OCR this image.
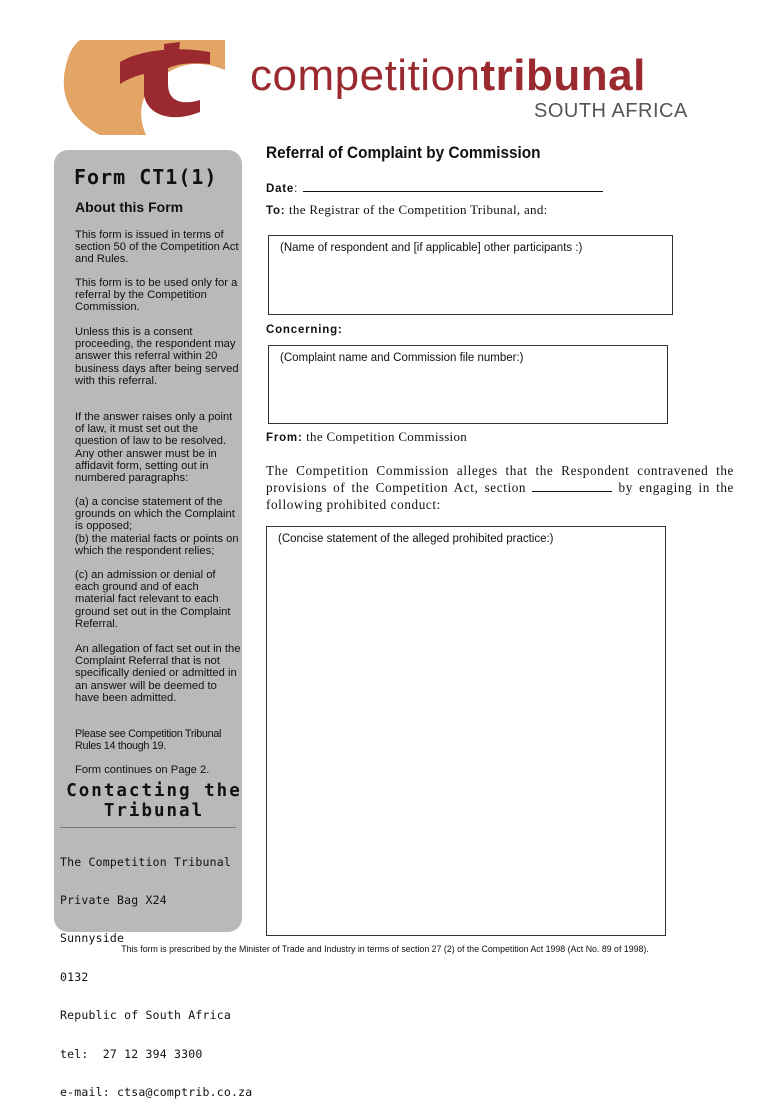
competitiontribunal
SOUTH AFRICA
Form CT1(1)
About this Form

This form is issued in terms of section 50 of the Competition Act and Rules.

This form is to be used only for a referral by the Competition Commission.

Unless this is a consent proceeding, the respondent may answer this referral within 20 business days after being served with this referral.

If the answer raises only a point of law, it must set out the question of law to be resolved. Any other answer must be in affidavit form, setting out in numbered paragraphs:

(a) a concise statement of the grounds on which the Complaint is opposed;

(b) the material facts or points on which the respondent relies;

(c) an admission or denial of each ground and of each material fact relevant to each ground set out in the Complaint Referral.

An allegation of fact set out in the Complaint Referral that is not specifically denied or admitted in an answer will be deemed to have been admitted.

Please see Competition Tribunal Rules 14 though 19.

Form continues on Page 2.

Contacting the Tribunal

The Competition Tribunal

Private Bag X24

Sunnyside

0132

Republic of South Africa

tel:  27 12 394 3300

e-mail: ctsa@comptrib.co.za

Referral of Complaint by Commission
Date:
To: the Registrar of the Competition Tribunal, and:
(Name of respondent and [if applicable] other participants :)
Concerning:
(Complaint name and Commission file number:)
From: the Competition Commission

The Competition Commission alleges that the Respondent contravened the provisions of the Competition Act, section	by engaging in the following prohibited conduct:

(Concise statement of the alleged prohibited practice:)
This form is prescribed by the Minister of Trade and Industry in terms of section 27 (2) of the Competition Act 1998 (Act No. 89 of 1998).
